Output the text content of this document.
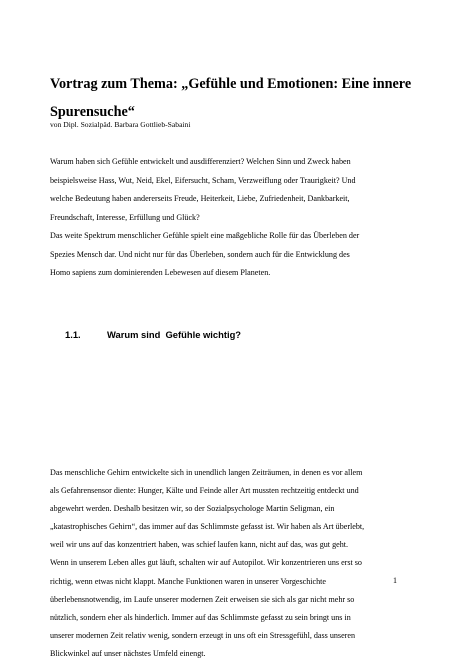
Vortrag zum Thema: „Gefühle und Emotionen: Eine innere
Spurensuche“

von Dipl. Sozialpäd. Barbara Gottlieb-Sabaini

Warum haben sich Gefühle entwickelt und ausdifferenziert? Welchen Sinn und Zweck haben
beispielsweise Hass, Wut, Neid, Ekel, Eifersucht, Scham, Verzweiflung oder Traurigkeit? Und
welche Bedeutung haben andererseits Freude, Heiterkeit, Liebe, Zufriedenheit, Dankbarkeit,
Freundschaft, Interesse, Erfüllung und Glück?
Das weite Spektrum menschlicher Gefühle spielt eine maßgebliche Rolle für das Überleben der
Spezies Mensch dar. Und nicht nur für das Überleben, sondern auch für die Entwicklung des
Homo sapiens zum dominierenden Lebewesen auf diesem Planeten.
1.1.	Warum sind  Gefühle wichtig?
Das menschliche Gehirn entwickelte sich in unendlich langen Zeiträumen, in denen es vor allem
als Gefahrensensor diente: Hunger, Kälte und Feinde aller Art mussten rechtzeitig entdeckt und
abgewehrt werden. Deshalb besitzen wir, so der Sozialpsychologe Martin Seligman, ein
„katastrophisches Gehirn“, das immer auf das Schlimmste gefasst ist. Wir haben als Art überlebt,
weil wir uns auf das konzentriert haben, was schief laufen kann, nicht auf das, was gut geht.
Wenn in unserem Leben alles gut läuft, schalten wir auf Autopilot. Wir konzentrieren uns erst so
richtig, wenn etwas nicht klappt. Manche Funktionen waren in unserer Vorgeschichte
überlebensnotwendig, im Laufe unserer modernen Zeit erweisen sie sich als gar nicht mehr so
nützlich, sondern eher als hinderlich. Immer auf das Schlimmste gefasst zu sein bringt uns in
unserer modernen Zeit relativ wenig, sondern erzeugt in uns oft ein Stressgefühl, dass unseren
Blickwinkel auf unser nächstes Umfeld einengt.
1
